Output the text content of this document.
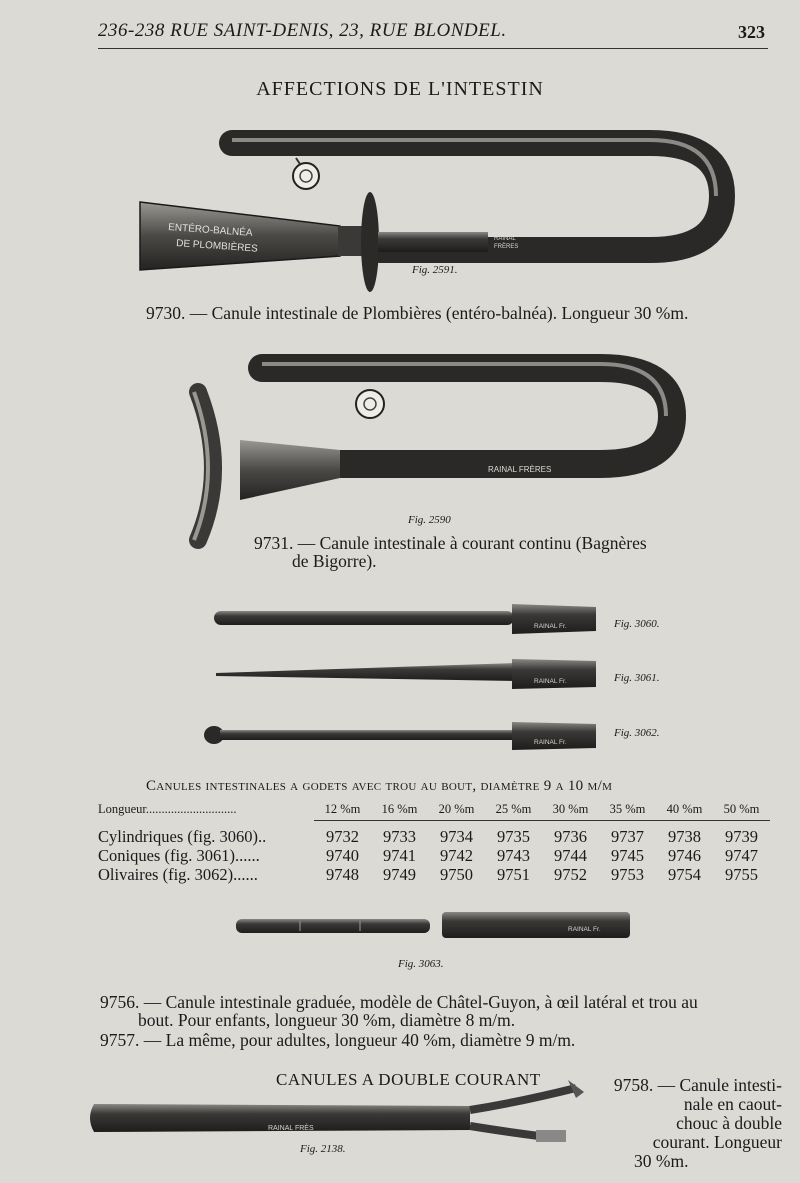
236-238 RUE SAINT-DENIS, 23, RUE BLONDEL.	323
AFFECTIONS DE L'INTESTIN
ENTÉRO-BALNÉA
DE PLOMBIÈRES	RAINAL
FRÈRES
RAINAL FRÈRES
RAINAL Fr.
RAINAL Fr.
RAINAL Fr.
RAINAL Fr.
RAINAL FRÈS
Fig. 2591.
Fig. 2590
Fig. 3060.
Fig. 3061.
Fig. 3062.
Fig. 3063.
Fig. 2138.
9730. — Canule intestinale de Plombières (entéro-balnéa). Longueur 30 %m.
9731. — Canule intestinale à courant continu (Bagnères
de Bigorre).
Canules intestinales a godets avec trou au bout, diamètre 9 a 10 m/m
Longueur.............................	12 %m	16 %m	20 %m	25 %m	30 %m	35 %m	40 %m	50 %m
Cylindriques (fig. 3060)..	9732	9733	9734	9735	9736	9737	9738	9739
Coniques (fig. 3061)......	9740	9741	9742	9743	9744	9745	9746	9747
Olivaires (fig. 3062)......	9748	9749	9750	9751	9752	9753	9754	9755
9756. — Canule intestinale graduée, modèle de Châtel-Guyon, à œil latéral et trou au
bout. Pour enfants, longueur 30 %m, diamètre 8 m/m.
9757. — La même, pour adultes, longueur 40 %m, diamètre 9 m/m.
CANULES A DOUBLE COURANT	9758. — Canule intesti-
nale en caout-
chouc à double
courant. Longueur
30 %m.
